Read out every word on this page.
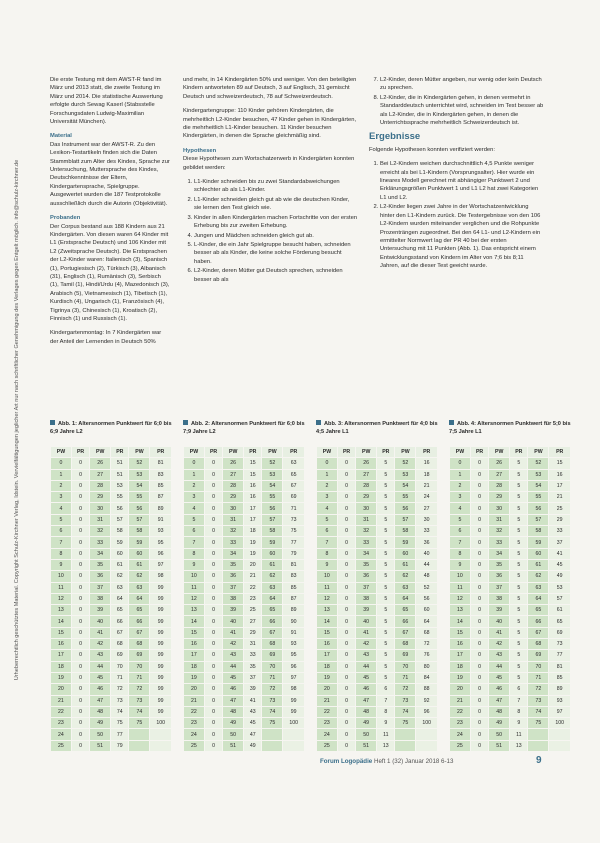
Urheberrechtlich geschütztes Material. Copyright Schulz-Kirchner Verlag, Idstein. Vervielfältigungen jeglicher Art nur nach schriftlicher Genehmigung des Verlages gegen Entgelt möglich. info@schulz-kirchner.de

Die erste Testung mit dem AWST-R fand im März und 2013 statt, die zweite Testung im März und 2014. Die statistische Auswertung erfolgte durch Sewag Kaserl (Stabsstelle Forschungsdaten Ludwig-Maximilian Universität München).

Material

Das Instrument war der AWST-R. Zu den Lexikon-Testartikeln finden sich die Daten Stammblatt zum Alter des Kindes, Sprache zur Untersuchung, Muttersprache des Kindes, Deutschkenntnisse der Eltern, Kindergartensprache, Spielgruppe. Ausgewertet wurden die 187 Testprotokolle ausschließlich durch die Autorin (Objektivität).

Probanden

Der Corpus bestand aus 188 Kindern aus 21 Kindergärten. Von diesen waren 64 Kinder mit L1 (Erstsprache Deutsch) und 106 Kinder mit L2 (Zweitsprache Deutsch). Die Erstsprachen der L2-Kinder waren: Italienisch (3), Spanisch (1), Portugiesisch (2), Türkisch (3), Albanisch (31), Englisch (1), Rumänisch (3), Serbisch (1), Tamil (1), Hindi/Urdu (4), Mazedonisch (3), Arabisch (5), Vietnamesisch (1), Tibetisch (1), Kurdisch (4), Ungarisch (1), Französisch (4), Tigrinya (3), Chinesisch (1), Kroatisch (2), Finnisch (1) und Russisch (1).

Kindergartenmontag: In 7 Kindergärten war der Anteil der Lernenden in Deutsch 50%

und mehr, in 14 Kindergärten 50% und weniger. Von den beteiligten Kindern antworteten 89 auf Deutsch, 3 auf Englisch, 31 gemischt Deutsch und schweizerdeutsch, 78 auf Schweizerdeutsch.

Kindergartengruppe: 110 Kinder gehören Kindergärten, die mehrheitlich L2-Kinder besuchen, 47 Kinder gehen in Kindergärten, die mehrheitlich L1-Kinder besuchen. 11 Kinder besuchen Kindergärten, in denen die Sprache gleichmäßig sind.

Hypothesen

Diese Hypothesen zum Wortschatzerwerb in Kindergärten konnten gebildet werden:

1. L1-Kinder schneiden bis zu zwei Standardabweichungen schlechter ab als L1-Kinder.
2. L1-Kinder schneiden gleich gut ab wie die deutschen Kinder, sie lernen den Test gleich wie.
3. Kinder in allen Kindergärten machen Fortschritte von der ersten Erhebung bis zur zweiten Erhebung.
4. Jungen und Mädchen schneiden gleich gut ab.
5. L-Kinder, die ein Jahr Spielgruppe besucht haben, schneiden besser ab als Kinder, die keine solche Förderung besucht haben.
6. L2-Kinder, deren Mütter gut Deutsch sprechen, schneiden besser ab als
7. L2-Kinder, deren Mütter angeben, nur wenig oder kein Deutsch zu sprechen.
8. L2-Kinder, die in Kindergärten gehen, in denen vermehrt in Standarddeutsch unterrichtet wird, schneiden im Test besser ab als L2-Kinder, die in Kindergärten gehen, in denen die Unterrichtssprache mehrheitlich Schweizerdeutsch ist.
Ergebnisse

Folgende Hypothesen konnten verifiziert werden:

1. Bei L2-Kindern weichen durchschnittlich 4,5 Punkte weniger erreicht als bei L1-Kindern (Vorsprungsalter). Hier wurde ein lineares Modell gerechnet mit abhängiger Punktwert 2 und Erklärungsgrößen Punktwert 1 und L1 L2 hat zwei Kategorien L1 und L2.
2. L2-Kinder liegen zwei Jahre in der Wortschatzentwicklung hinter den L1-Kindern zurück. Die Testergebnisse von den 106 L2-Kindern wurden miteinander verglichen und die Rohpunkte Prozenträngen zugeordnet. Bei den 64 L1- und L2-Kindern ein ermittelter Normwert lag der PR 40 bei der ersten Untersuchung mit 11 Punkten (Abb. 1). Das entspricht einem Entwicklungsstand von Kindern im Alter von 7;6 bis 8;11 Jahren, auf die dieser Test geeicht wurde.
Abb. 1: Altersnormen Punktwert für 6;0 bis 6;9 Jahre L2
PW	PR	PW	PR	PW	PR
0	0	26	51	52	81
1	0	27	51	53	83
2	0	28	53	54	85
3	0	29	55	55	87
4	0	30	56	56	89
5	0	31	57	57	91
6	0	32	58	58	93
7	0	33	59	59	95
8	0	34	60	60	96
9	0	35	61	61	97
10	0	36	62	62	98
11	0	37	63	63	99
12	0	38	64	64	99
13	0	39	65	65	99
14	0	40	66	66	99
15	0	41	67	67	99
16	0	42	68	68	99
17	0	43	69	69	99
18	0	44	70	70	99
19	0	45	71	71	99
20	0	46	72	72	99
21	0	47	73	73	99
22	0	48	74	74	99
23	0	49	75	75	100
24	0	50	77		
25	0	51	79		
Abb. 2: Altersnormen Punktwert für 6;0 bis 7;9 Jahre L2
PW	PR	PW	PR	PW	PR
0	0	26	15	52	63
1	0	27	15	53	65
2	0	28	16	54	67
3	0	29	16	55	69
4	0	30	17	56	71
5	0	31	17	57	73
6	0	32	18	58	75
7	0	33	19	59	77
8	0	34	19	60	79
9	0	35	20	61	81
10	0	36	21	62	83
11	0	37	22	63	85
12	0	38	23	64	87
13	0	39	25	65	89
14	0	40	27	66	90
15	0	41	29	67	91
16	0	42	31	68	93
17	0	43	33	69	95
18	0	44	35	70	96
19	0	45	37	71	97
20	0	46	39	72	98
21	0	47	41	73	99
22	0	48	43	74	99
23	0	49	45	75	100
24	0	50	47		
25	0	51	49		
Abb. 3: Altersnormen Punktwert für 4;0 bis 4;5 Jahre L1
PW	PR	PW	PR	PW	PR
0	0	26	5	52	16
1	0	27	5	53	18
2	0	28	5	54	21
3	0	29	5	55	24
4	0	30	5	56	27
5	0	31	5	57	30
6	0	32	5	58	33
7	0	33	5	59	36
8	0	34	5	60	40
9	0	35	5	61	44
10	0	36	5	62	48
11	0	37	5	63	52
12	0	38	5	64	56
13	0	39	5	65	60
14	0	40	5	66	64
15	0	41	5	67	68
16	0	42	5	68	72
17	0	43	5	69	76
18	0	44	5	70	80
19	0	45	5	71	84
20	0	46	6	72	88
21	0	47	7	73	92
22	0	48	8	74	96
23	0	49	9	75	100
24	0	50	11		
25	0	51	13		
Abb. 4: Altersnormen Punktwert für 5;0 bis 7;5 Jahre L1
PW	PR	PW	PR	PW	PR
0	0	26	5	52	15
1	0	27	5	53	16
2	0	28	5	54	17
3	0	29	5	55	21
4	0	30	5	56	25
5	0	31	5	57	29
6	0	32	5	58	33
7	0	33	5	59	37
8	0	34	5	60	41
9	0	35	5	61	45
10	0	36	5	62	49
11	0	37	5	63	53
12	0	38	5	64	57
13	0	39	5	65	61
14	0	40	5	66	65
15	0	41	5	67	69
16	0	42	5	68	73
17	0	43	5	69	77
18	0	44	5	70	81
19	0	45	5	71	85
20	0	46	6	72	89
21	0	47	7	73	93
22	0	48	8	74	97
23	0	49	9	75	100
24	0	50	11		
25	0	51	13		
Forum Logopädie Heft 1 (32) Januar 2018 6-13	9
